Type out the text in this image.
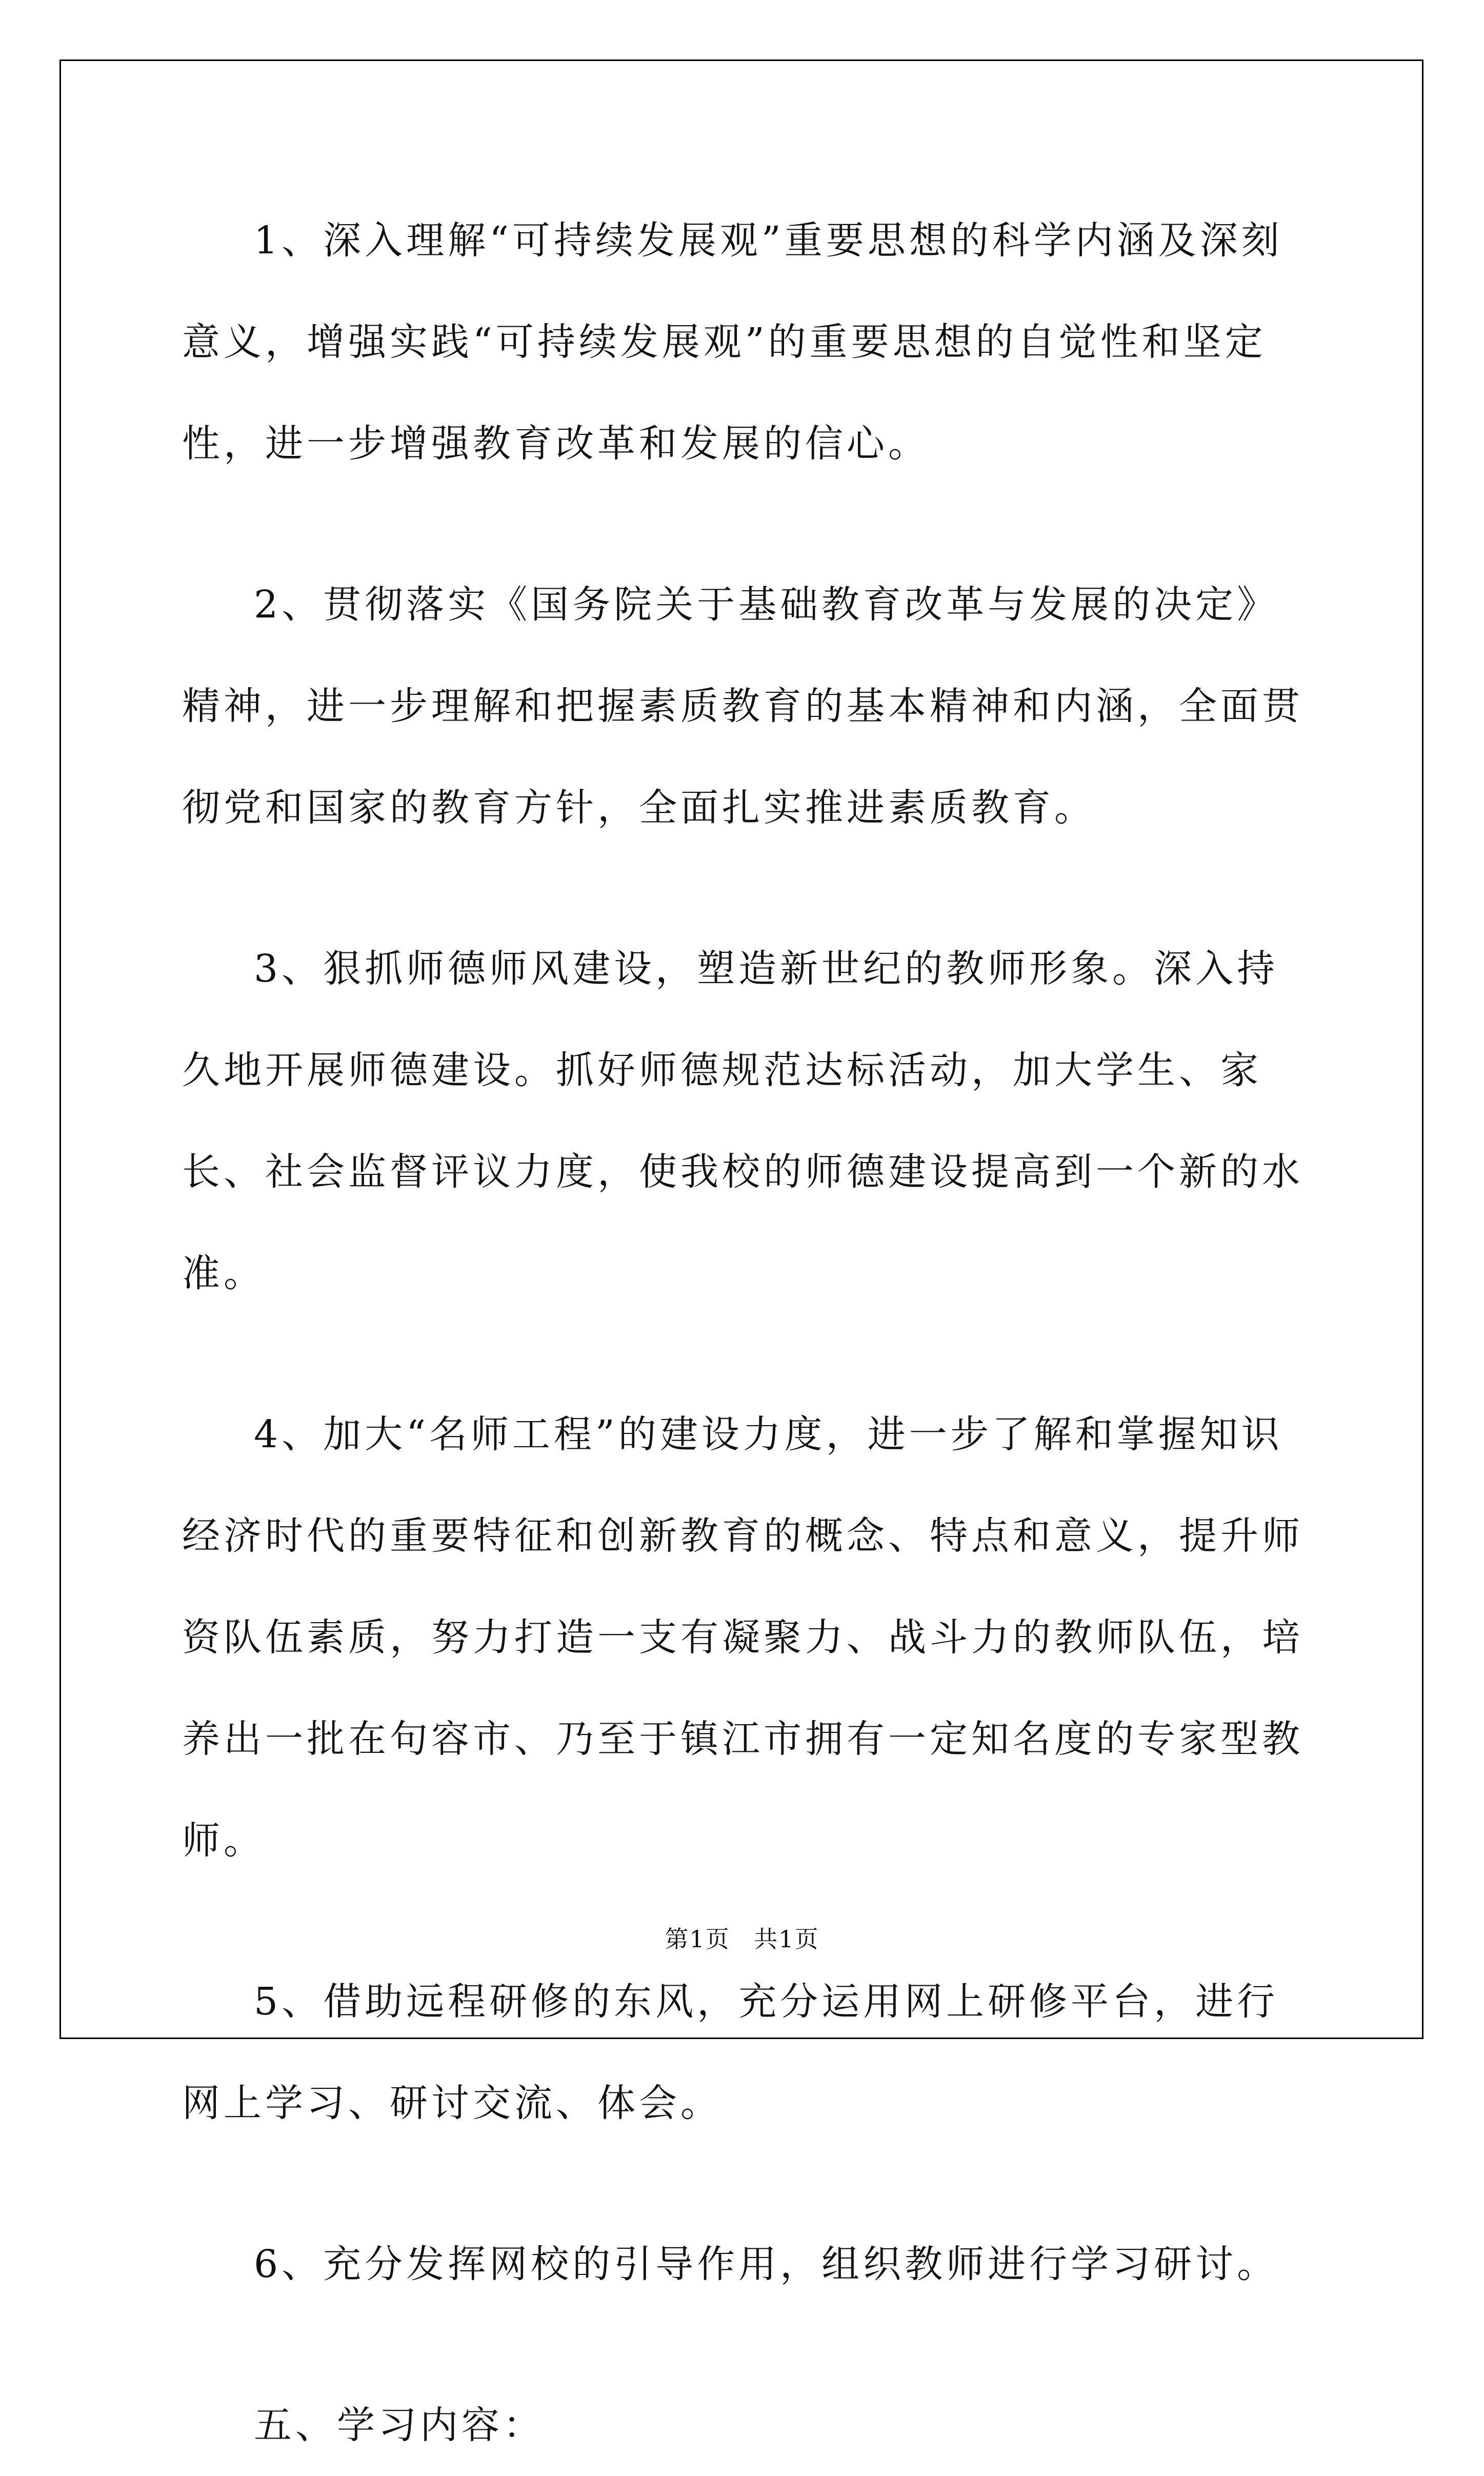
1、深入理解“可持续发展观”重要思想的科学内涵及深刻意义，增强实践“可持续发展观”的重要思想的自觉性和坚定性，进一步增强教育改革和发展的信心。

2、贯彻落实《国务院关于基础教育改革与发展的决定》精神，进一步理解和把握素质教育的基本精神和内涵，全面贯彻党和国家的教育方针，全面扎实推进素质教育。

3、狠抓师德师风建设，塑造新世纪的教师形象。深入持久地开展师德建设。抓好师德规范达标活动，加大学生、家长、社会监督评议力度，使我校的师德建设提高到一个新的水准。

4、加大“名师工程”的建设力度，进一步了解和掌握知识经济时代的重要特征和创新教育的概念、特点和意义，提升师资队伍素质，努力打造一支有凝聚力、战斗力的教师队伍，培养出一批在句容市、乃至于镇江市拥有一定知名度的专家型教师。

5、借助远程研修的东风，充分运用网上研修平台，进行网上学习、研讨交流、体会。

6、充分发挥网校的引导作用，组织教师进行学习研讨。

五、学习内容：

第1页 共1页
